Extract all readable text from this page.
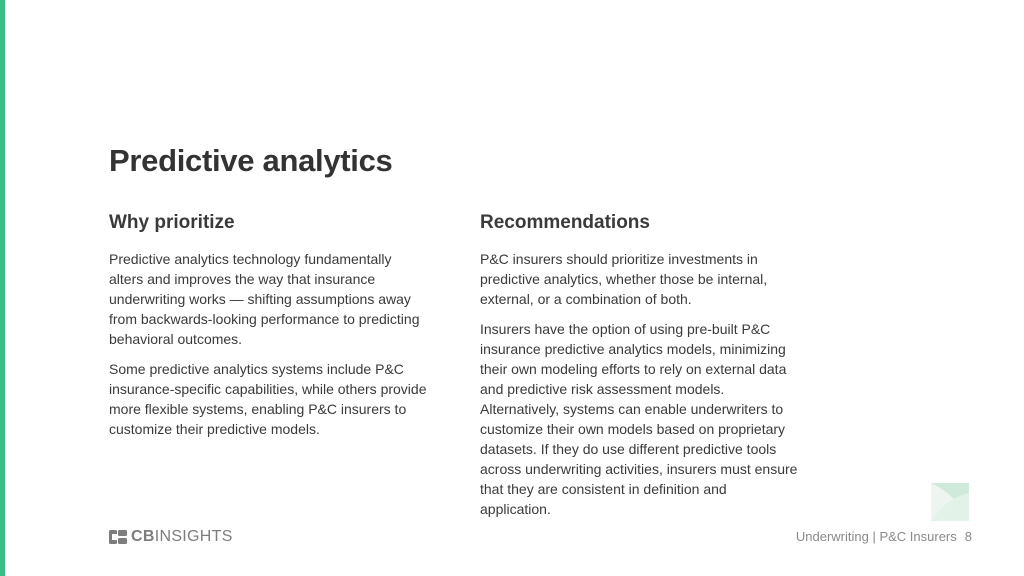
Predictive analytics
Why prioritize

Predictive analytics technology fundamentally alters and improves the way that insurance underwriting works — shifting assumptions away from backwards-looking performance to predicting behavioral outcomes.

Some predictive analytics systems include P&C insurance-specific capabilities, while others provide more flexible systems, enabling P&C insurers to customize their predictive models.

Recommendations

P&C insurers should prioritize investments in predictive analytics, whether those be internal, external, or a combination of both.

Insurers have the option of using pre-built P&C insurance predictive analytics models, minimizing their own modeling efforts to rely on external data and predictive risk assessment models. Alternatively, systems can enable underwriters to customize their own models based on proprietary datasets. If they do use different predictive tools across underwriting activities, insurers must ensure that they are consistent in definition and application.

CBINSIGHTS	Underwriting | P&C Insurers 8
